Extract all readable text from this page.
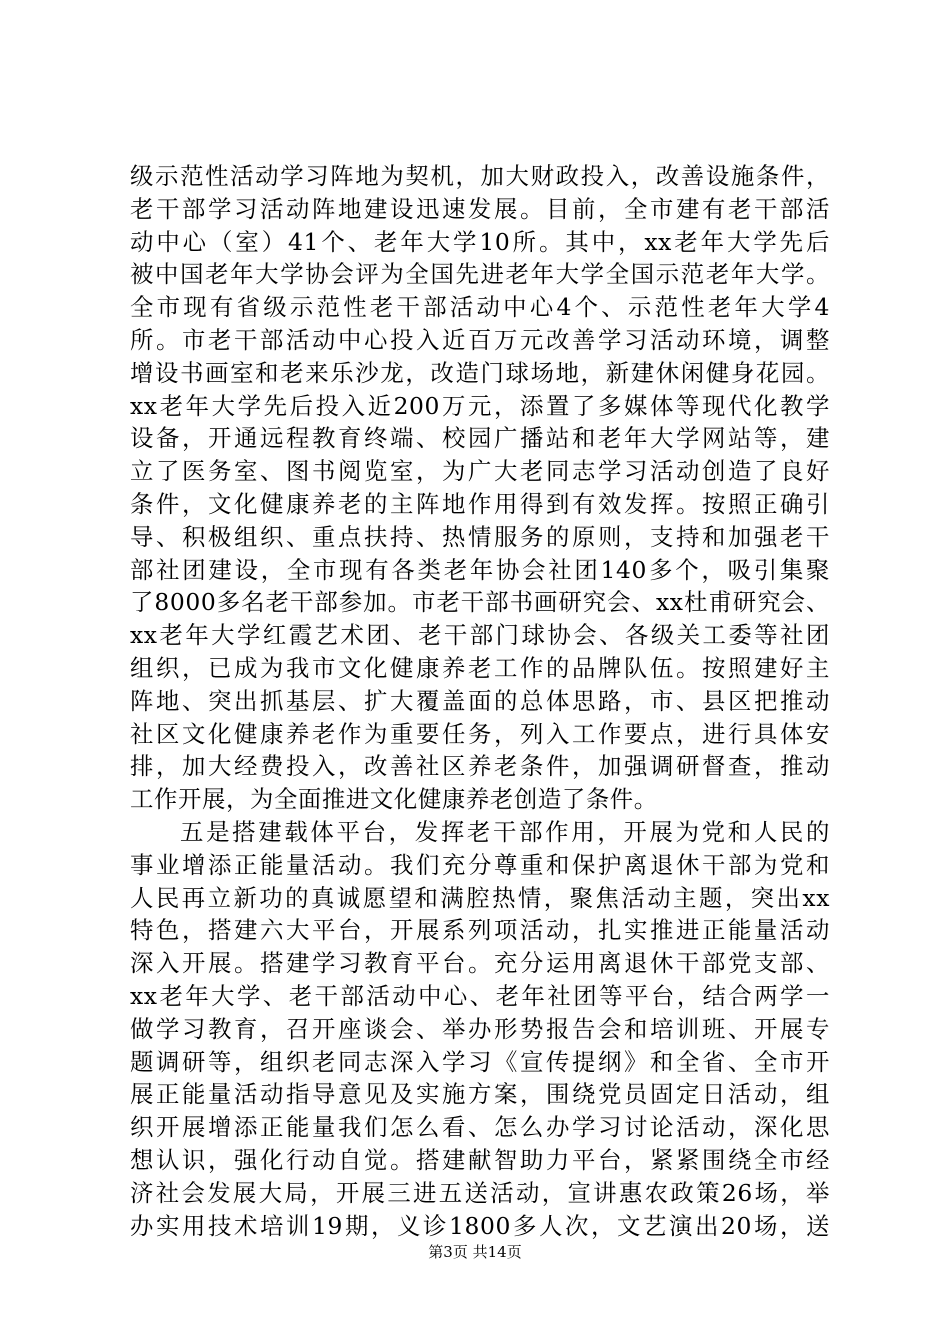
级示范性活动学习阵地为契机，加大财政投入，改善设施条件，
老干部学习活动阵地建设迅速发展。目前，全市建有老干部活
动中心（室）41个、老年大学10所。其中，xx老年大学先后
被中国老年大学协会评为全国先进老年大学全国示范老年大学。
全市现有省级示范性老干部活动中心4个、示范性老年大学4
所。市老干部活动中心投入近百万元改善学习活动环境，调整
增设书画室和老来乐沙龙，改造门球场地，新建休闲健身花园。
xx老年大学先后投入近200万元，添置了多媒体等现代化教学
设备，开通远程教育终端、校园广播站和老年大学网站等，建
立了医务室、图书阅览室，为广大老同志学习活动创造了良好
条件，文化健康养老的主阵地作用得到有效发挥。按照正确引
导、积极组织、重点扶持、热情服务的原则，支持和加强老干
部社团建设，全市现有各类老年协会社团140多个，吸引集聚
了8000多名老干部参加。市老干部书画研究会、xx杜甫研究会、
xx老年大学红霞艺术团、老干部门球协会、各级关工委等社团
组织，已成为我市文化健康养老工作的品牌队伍。按照建好主
阵地、突出抓基层、扩大覆盖面的总体思路，市、县区把推动
社区文化健康养老作为重要任务，列入工作要点，进行具体安
排，加大经费投入，改善社区养老条件，加强调研督查，推动
工作开展，为全面推进文化健康养老创造了条件。
五是搭建载体平台，发挥老干部作用，开展为党和人民的
事业增添正能量活动。我们充分尊重和保护离退休干部为党和
人民再立新功的真诚愿望和满腔热情，聚焦活动主题，突出xx
特色，搭建六大平台，开展系列项活动，扎实推进正能量活动
深入开展。搭建学习教育平台。充分运用离退休干部党支部、
xx老年大学、老干部活动中心、老年社团等平台，结合两学一
做学习教育，召开座谈会、举办形势报告会和培训班、开展专
题调研等，组织老同志深入学习《宣传提纲》和全省、全市开
展正能量活动指导意见及实施方案，围绕党员固定日活动，组
织开展增添正能量我们怎么看、怎么办学习讨论活动，深化思
想认识，强化行动自觉。搭建献智助力平台，紧紧围绕全市经
济社会发展大局，开展三进五送活动，宣讲惠农政策26场，举
办实用技术培训19期，义诊1800多人次，文艺演出20场，送
第3页 共14页
